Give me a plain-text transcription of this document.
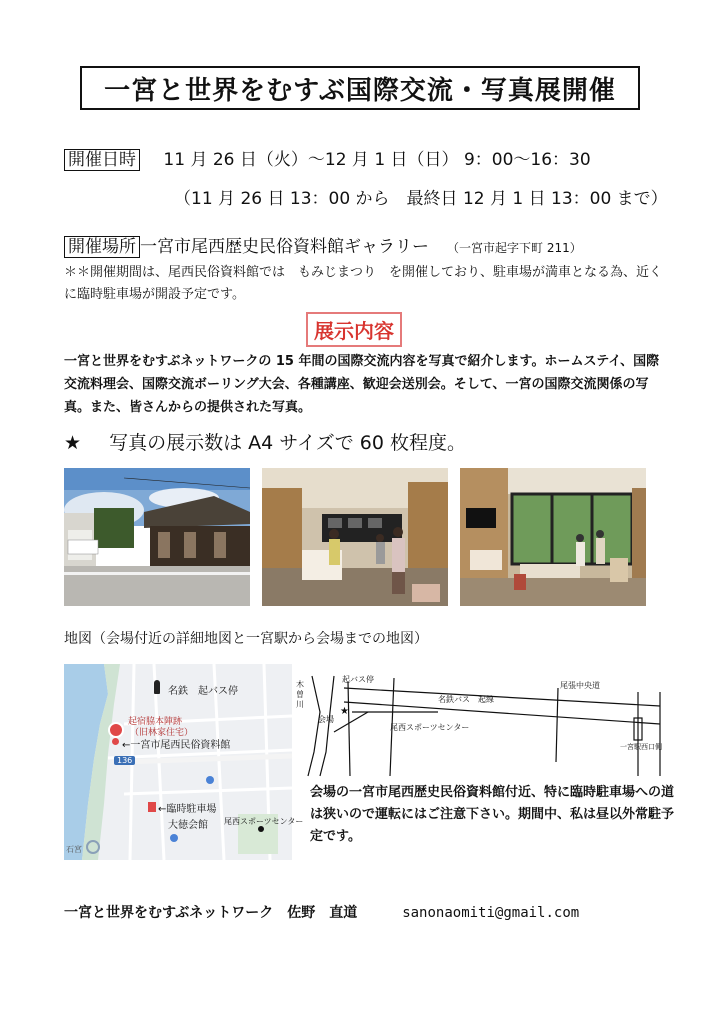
一宮と世界をむすぶ国際交流・写真展開催
開催日時 11 月 26 日（火）～12 月 1 日（日） 9：00～16：30
（11 月 26 日 13：00 から　最終日 12 月 1 日 13：00 まで）
開催場所 一宮市尾西歴史民俗資料館ギャラリー （一宮市起字下町 211）
＊＊開催期間は、尾西民俗資料館では　もみじまつり　を開催しており、駐車場が満車となる為、近くに臨時駐車場が開設予定です。
展示内容
一宮と世界をむすぶネットワークの 15 年間の国際交流内容を写真で紹介します。ホームステイ、国際交流料理会、国際交流ボーリング大会、各種講座、歓迎会送別会。そして、一宮の国際交流関係の写真。また、皆さんからの提供された写真。
★ 写真の展示数は A4 サイズで 60 枚程度。
地図（会場付近の詳細地図と一宮駅から会場までの地図）
名鉄　起バス停
起宿脇本陣跡
（旧林家住宅）
←一宮市尾西民俗資料館
136
←臨時駐車場
大徳会館 尾西スポーツセンター
石宮
木曽川
起バス停
名鉄バス　起線
会場
★
尾西スポーツセンター
尾張中央道
一宮駅西口側
会場の一宮市尾西歴史民俗資料館付近、特に臨時駐車場への道は狭いので運転にはご注意下さい。期間中、私は昼以外常駐予定です。
一宮と世界をむすぶネットワーク　佐野　直道	sanonaomiti@gmail.com
